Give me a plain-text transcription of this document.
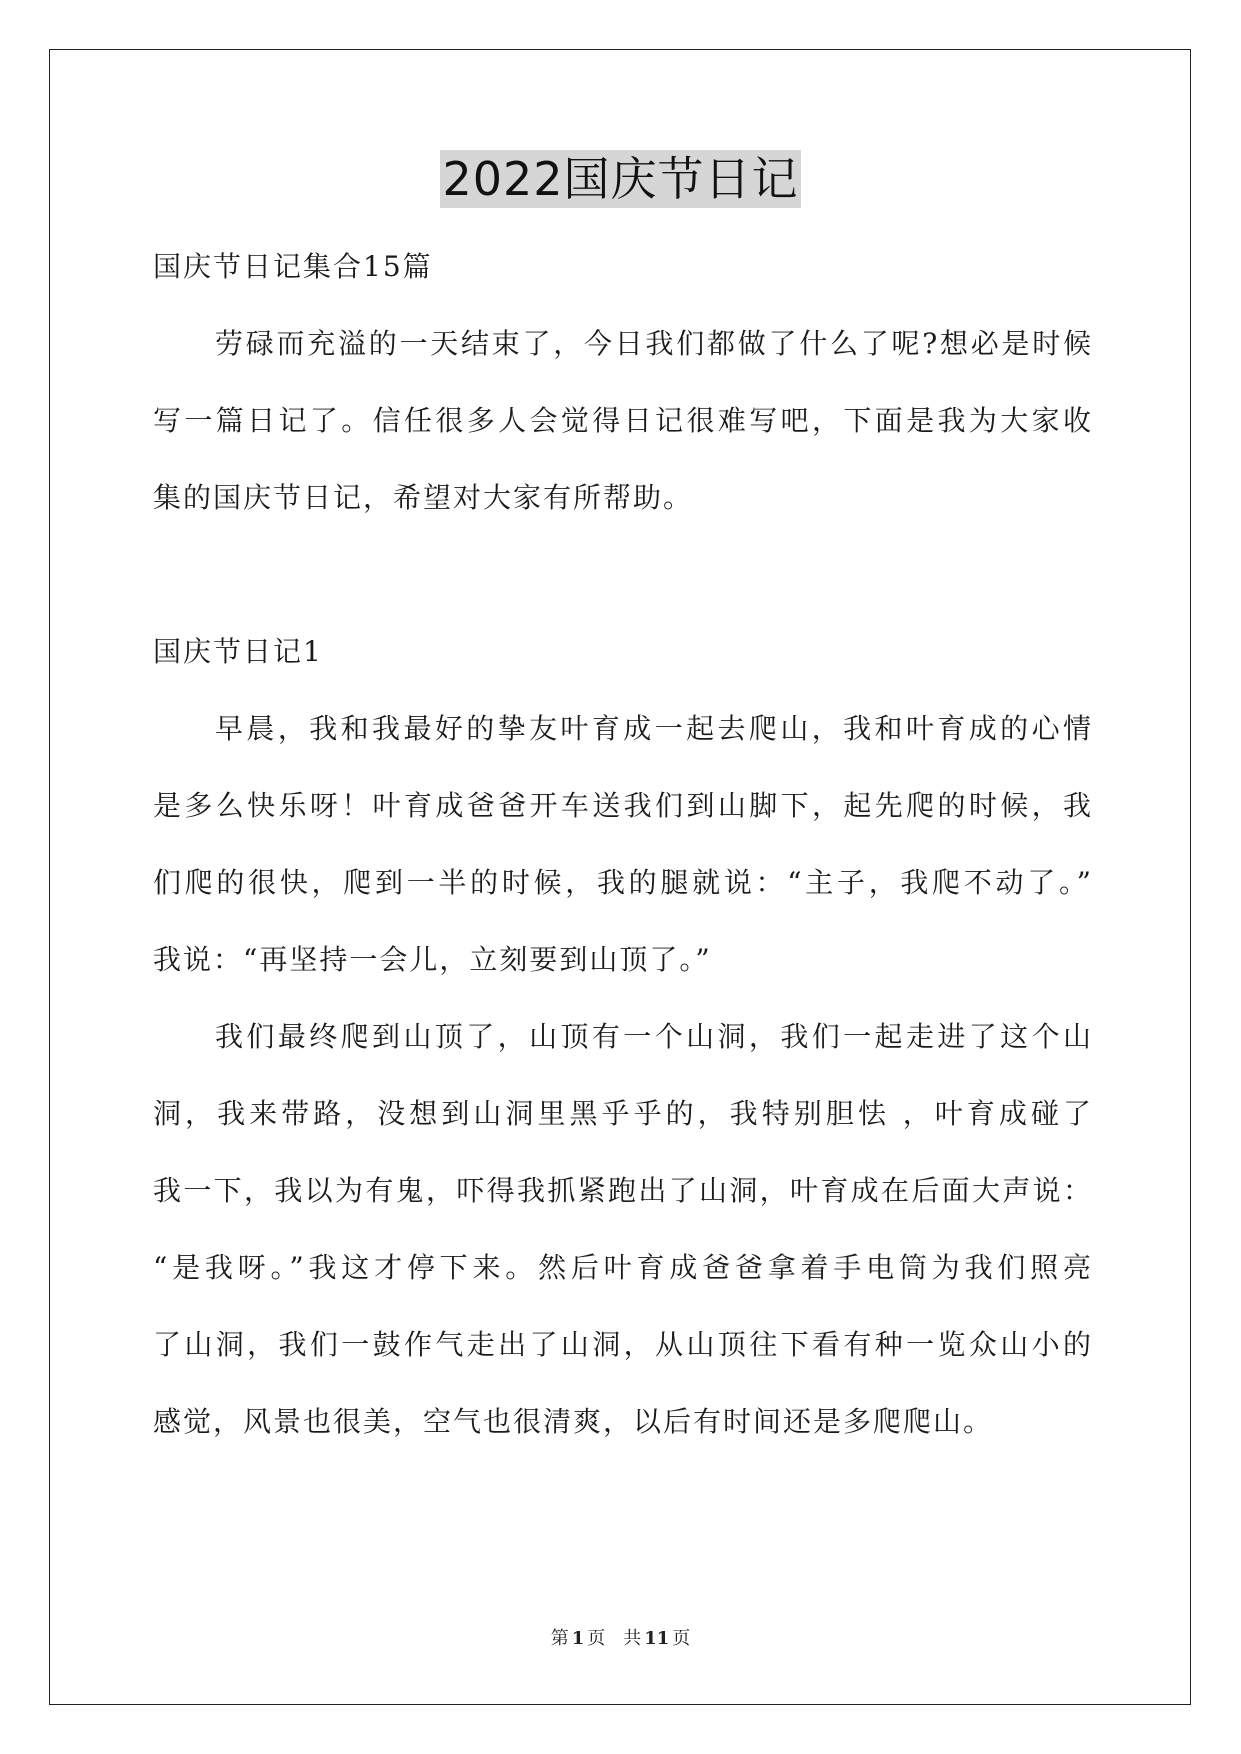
2022国庆节日记
国庆节日记集合15篇
劳碌而充溢的一天结束了，今日我们都做了什么了呢?想必是时候
写一篇日记了。信任很多人会觉得日记很难写吧，下面是我为大家收
集的国庆节日记，希望对大家有所帮助。
国庆节日记1
早晨，我和我最好的挚友叶育成一起去爬山，我和叶育成的心情
是多么快乐呀！叶育成爸爸开车送我们到山脚下，起先爬的时候，我
们爬的很快，爬到一半的时候，我的腿就说：“主子，我爬不动了。”
我说：“再坚持一会儿，立刻要到山顶了。”
我们最终爬到山顶了，山顶有一个山洞，我们一起走进了这个山
洞，我来带路，没想到山洞里黑乎乎的，我特别胆怯 ，叶育成碰了
我一下，我以为有鬼，吓得我抓紧跑出了山洞，叶育成在后面大声说：
“是我呀。”我这才停下来。然后叶育成爸爸拿着手电筒为我们照亮
了山洞，我们一鼓作气走出了山洞，从山顶往下看有种一览众山小的
感觉，风景也很美，空气也很清爽，以后有时间还是多爬爬山。
第 1 页　共 11 页
